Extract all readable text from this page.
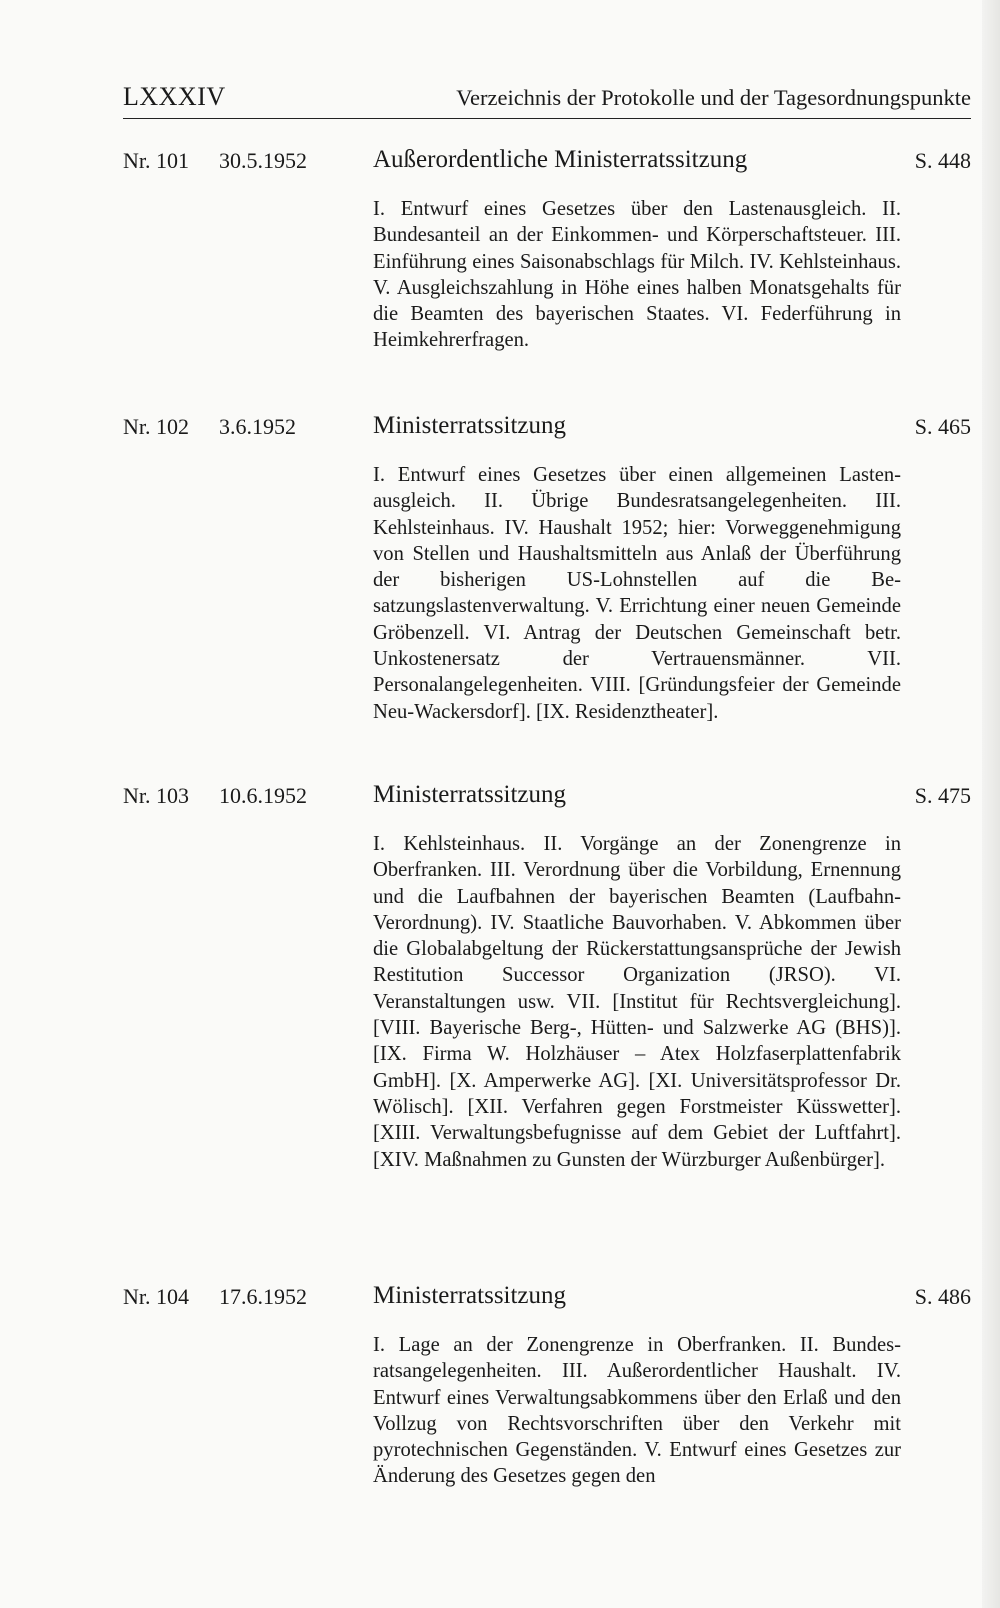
LXXXIV	Verzeichnis der Protokolle und der Tagesordnungspunkte
Nr. 101 30.5.1952	Außerordentliche Ministerratssitzung	S. 448
I. Entwurf eines Gesetzes über den Lastenausgleich. II. Bundesanteil an der Einkommen- und Körperschaftsteuer. III. Einführung eines Saisonabschlags für Milch. IV. Kehlsteinhaus. V. Ausgleichszahlung in Höhe eines halben Monatsgehalts für die Beamten des bayerischen Staates. VI. Federführung in Heimkehrerfragen.
Nr. 102 3.6.1952	Ministerratssitzung	S. 465
I. Entwurf eines Gesetzes über einen allgemeinen Lastenausgleich. II. Übrige Bundesratsangelegenheiten. III. Kehlsteinhaus. IV. Haushalt 1952; hier: Vorweggenehmigung von Stellen und Haushaltsmitteln aus Anlaß der Überführung der bisherigen US-Lohnstellen auf die Besatzungslastenverwaltung. V. Errichtung einer neuen Gemeinde Gröbenzell. VI. Antrag der Deutschen Gemeinschaft betr. Unkostenersatz der Vertrauensmänner. VII. Personalangelegenheiten. VIII. [Gründungsfeier der Gemeinde Neu-Wackersdorf]. [IX. Residenztheater].
Nr. 103 10.6.1952	Ministerratssitzung	S. 475
I. Kehlsteinhaus. II. Vorgänge an der Zonengrenze in Oberfranken. III. Verordnung über die Vorbildung, Ernennung und die Laufbahnen der bayerischen Beamten (Laufbahn-Verordnung). IV. Staatliche Bauvorhaben. V. Abkommen über die Globalabgeltung der Rückerstattungsansprüche der Jewish Restitution Successor Organization (JRSO). VI. Veranstaltungen usw. VII. [Institut für Rechtsvergleichung]. [VIII. Bayerische Berg-, Hütten- und Salzwerke AG (BHS)]. [IX. Firma W. Holzhäuser – Atex Holzfaserplattenfabrik GmbH]. [X. Amperwerke AG]. [XI. Universitätsprofessor Dr. Wölisch]. [XII. Verfahren gegen Forstmeister Küsswetter]. [XIII. Verwaltungsbefugnisse auf dem Gebiet der Luftfahrt]. [XIV. Maßnahmen zu Gunsten der Würzburger Außenbürger].
Nr. 104 17.6.1952	Ministerratssitzung	S. 486
I. Lage an der Zonengrenze in Oberfranken. II. Bundesratsangelegenheiten. III. Außerordentlicher Haushalt. IV. Entwurf eines Verwaltungsabkommens über den Erlaß und den Vollzug von Rechtsvorschriften über den Verkehr mit pyrotechnischen Gegenständen. V. Entwurf eines Gesetzes zur Änderung des Gesetzes gegen den
